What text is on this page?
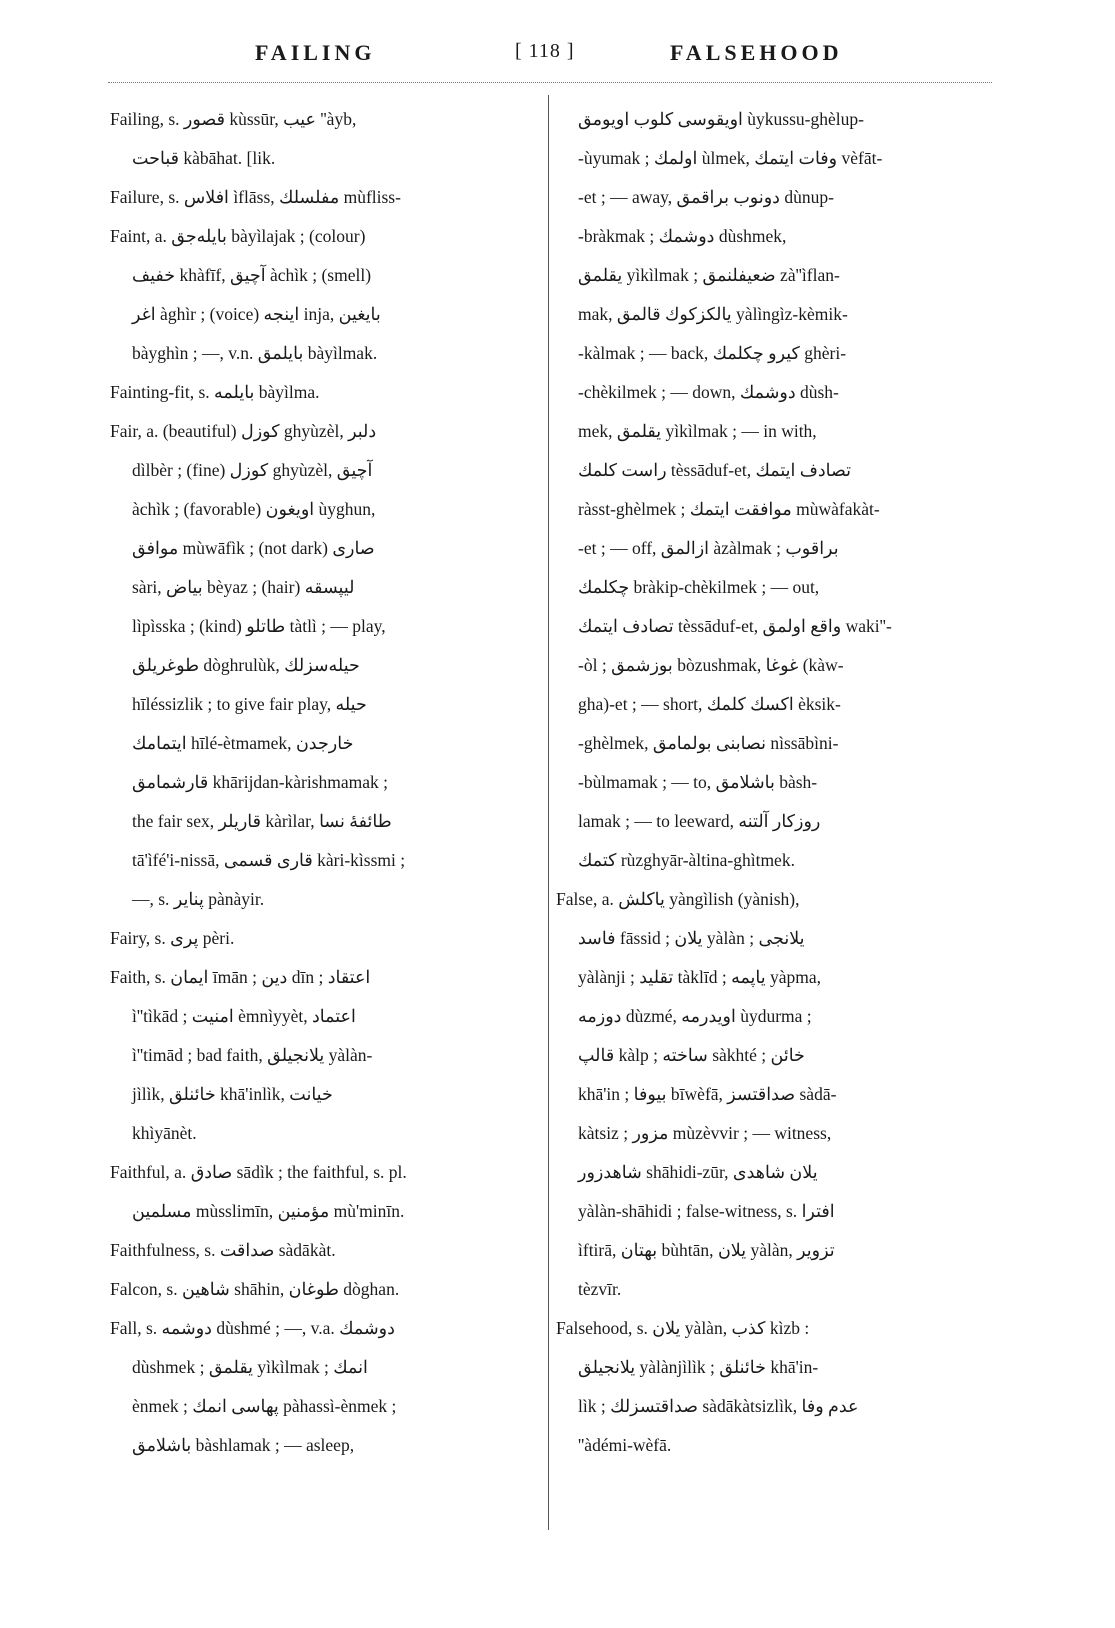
FAILING	[ 118 ]	FALSEHOOD
Failing, s. قصور kùssūr, عيب ''àyb,
قباحت kàbāhat. [lik.
Failure, s. افلاس ìflāss, مفلسلك mùfliss-
Faint, a. بايلەجق bàyìlajak ; (colour)
خفيف khàfīf, آچيق àchìk ; (smell)
اغر àghìr ; (voice) اينجه inja, بايغين
bàyghìn ; —, v.n. بايلمق bàyìlmak.
Fainting-fit, s. بايلمه bàyìlma.
Fair, a. (beautiful) كوزل ghyùzèl, دلبر
dìlbèr ; (fine) كوزل ghyùzèl, آچيق
àchìk ; (favorable) اويغون ùyghun,
موافق mùwāfìk ; (not dark) صارى
sàri, بياض bèyaz ; (hair) ليپسقه
lìpìsska ; (kind) طاتلو tàtlì ; — play,
طوغريلق dòghrulùk, حيلەسزلك
hīléssizlik ; to give fair play, حيله
ايتمامك hīlé-ètmamek, خارجدن
قارشمامق khārijdan-kàrishmamak ;
the fair sex, قاريلر kàrìlar, طائفهٔ نسا
tā'ìfé'i-nissā, قارى قسمى kàri-kìssmi ;
—, s. پناير pànàyir.
Fairy, s. پرى pèri.
Faith, s. ايمان īmān ; دين dīn ; اعتقاد
ì''tìkād ; امنيت èmnìyyèt, اعتماد
ì''timād ; bad faith, يلانجيلق yàlàn-
jìlìk, خائنلق khā'inlìk, خيانت
khìyānèt.
Faithful, a. صادق sādìk ; the faithful, s. pl.
مسلمين mùsslimīn, مؤمنين mù'minīn.
Faithfulness, s. صداقت sàdākàt.
Falcon, s. شاهين shāhin, طوغان dòghan.
Fall, s. دوشمه dùshmé ; —, v.a. دوشمك
dùshmek ; يقلمق yìkìlmak ; انمك
ènmek ; پهاسى انمك pàhassì-ènmek ;
باشلامق bàshlamak ; — asleep,
اويقوسى كلوب اويومق ùykussu-ghèlup-
-ùyumak ; اولمك ùlmek, وفات ايتمك vèfāt-
-et ; — away, دونوب براقمق dùnup-
-bràkmak ; دوشمك dùshmek,
يقلمق yìkìlmak ; ضعيفلنمق zà''ìflan-
mak, يالكزكوك قالمق yàlìngìz-kèmik-
-kàlmak ; — back, كيرو چكلمك ghèri-
-chèkilmek ; — down, دوشمك dùsh-
mek, يقلمق yìkìlmak ; — in with,
راست كلمك tèssāduf-et, تصادف ايتمك
ràsst-ghèlmek ; موافقت ايتمك mùwàfakàt-
-et ; — off, ازالمق àzàlmak ; براقوب
چكلمك bràkip-chèkilmek ; — out,
تصادف ايتمك tèssāduf-et, واقع اولمق waki''-
-òl ; بوزشمق bòzushmak, غوغا (kàw-
gha)-et ; — short, اكسك كلمك èksik-
-ghèlmek, نصابنى بولمامق nìssābìni-
-bùlmamak ; — to, باشلامق bàsh-
lamak ; — to leeward, روزكار آلتنه
كتمك rùzghyār-àltina-ghìtmek.
False, a. ياكلش yàngìlish (yànish),
فاسد fāssid ; يلان yàlàn ; يلانجى
yàlànji ; تقليد tàklīd ; ياپمه yàpma,
دوزمه dùzmé, اويدرمه ùydurma ;
قالپ kàlp ; ساخته sàkhté ; خائن
khā'in ; بيوفا bīwèfā, صداقتسز sàdā-
kàtsiz ; مزور mùzèvvir ; — witness,
شاهدزور shāhidi-zūr, يلان شاهدى
yàlàn-shāhidi ; false-witness, s. افترا
ìftirā, بهتان bùhtān, يلان yàlàn, تزوير
tèzvīr.
Falsehood, s. يلان yàlàn, كذب kìzb :
يلانجيلق yàlànjìlìk ; خائنلق khā'in-
lìk ; صداقتسزلك sàdākàtsizlìk, عدم وفا
''àdémi-wèfā.
